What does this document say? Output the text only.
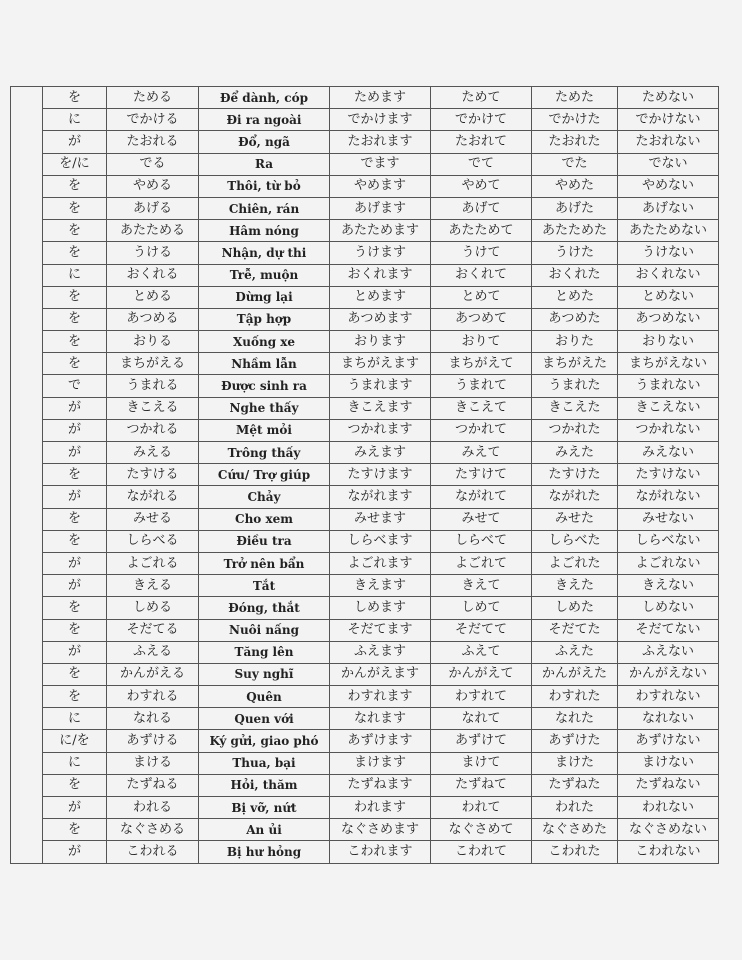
	を	ためる	Để dành, cóp	ためます	ためて	ためた	ためない
	に	でかける	Đi ra ngoài	でかけます	でかけて	でかけた	でかけない
	が	たおれる	Đổ, ngã	たおれます	たおれて	たおれた	たおれない
	を/に	でる	Ra	でます	でて	でた	でない
	を	やめる	Thôi, từ bỏ	やめます	やめて	やめた	やめない
	を	あげる	Chiên, rán	あげます	あげて	あげた	あげない
	を	あたためる	Hâm nóng	あたためます	あたためて	あたためた	あたためない
	を	うける	Nhận, dự thi	うけます	うけて	うけた	うけない
	に	おくれる	Trễ, muộn	おくれます	おくれて	おくれた	おくれない
	を	とめる	Dừng lại	とめます	とめて	とめた	とめない
	を	あつめる	Tập hợp	あつめます	あつめて	あつめた	あつめない
	を	おりる	Xuống xe	おります	おりて	おりた	おりない
	を	まちがえる	Nhầm lẫn	まちがえます	まちがえて	まちがえた	まちがえない
	で	うまれる	Được sinh ra	うまれます	うまれて	うまれた	うまれない
	が	きこえる	Nghe thấy	きこえます	きこえて	きこえた	きこえない
	が	つかれる	Mệt mỏi	つかれます	つかれて	つかれた	つかれない
	が	みえる	Trông thấy	みえます	みえて	みえた	みえない
	を	たすける	Cứu/ Trợ giúp	たすけます	たすけて	たすけた	たすけない
	が	ながれる	Chảy	ながれます	ながれて	ながれた	ながれない
	を	みせる	Cho xem	みせます	みせて	みせた	みせない
	を	しらべる	Điều tra	しらべます	しらべて	しらべた	しらべない
	が	よごれる	Trở nên bẩn	よごれます	よごれて	よごれた	よごれない
	が	きえる	Tắt	きえます	きえて	きえた	きえない
	を	しめる	Đóng, thắt	しめます	しめて	しめた	しめない
	を	そだてる	Nuôi nấng	そだてます	そだてて	そだてた	そだてない
	が	ふえる	Tăng lên	ふえます	ふえて	ふえた	ふえない
	を	かんがえる	Suy nghĩ	かんがえます	かんがえて	かんがえた	かんがえない
	を	わすれる	Quên	わすれます	わすれて	わすれた	わすれない
	に	なれる	Quen với	なれます	なれて	なれた	なれない
	に/を	あずける	Ký gửi, giao phó	あずけます	あずけて	あずけた	あずけない
	に	まける	Thua, bại	まけます	まけて	まけた	まけない
	を	たずねる	Hỏi, thăm	たずねます	たずねて	たずねた	たずねない
	が	われる	Bị vỡ, nứt	われます	われて	われた	われない
	を	なぐさめる	An ủi	なぐさめます	なぐさめて	なぐさめた	なぐさめない
	が	こわれる	Bị hư hỏng	こわれます	こわれて	こわれた	こわれない
